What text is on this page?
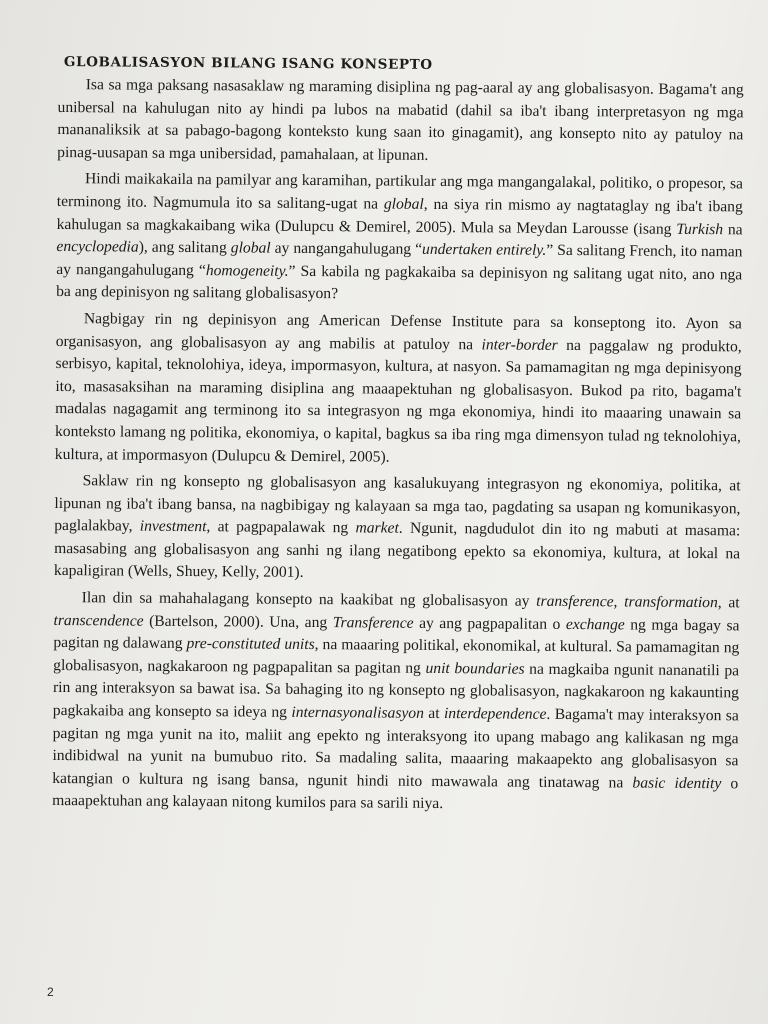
GLOBALISASYON BILANG ISANG KONSEPTO

Isa sa mga paksang nasasaklaw ng maraming disiplina ng pag-aaral ay ang globalisasyon. Bagama't ang unibersal na kahulugan nito ay hindi pa lubos na mabatid (dahil sa iba't ibang interpretasyon ng mga mananaliksik at sa pabago-bagong konteksto kung saan ito ginagamit), ang konsepto nito ay patuloy na pinag-uusapan sa mga unibersidad, pamahalaan, at lipunan.

Hindi maikakaila na pamilyar ang karamihan, partikular ang mga mangangalakal, politiko, o propesor, sa terminong ito. Nagmumula ito sa salitang-ugat na global, na siya rin mismo ay nagtataglay ng iba't ibang kahulugan sa magkakaibang wika (Dulupcu & Demirel, 2005). Mula sa Meydan Larousse (isang Turkish na encyclopedia), ang salitang global ay nangangahulugang “undertaken entirely.” Sa salitang French, ito naman ay nangangahulugang “homogeneity.” Sa kabila ng pagkakaiba sa depinisyon ng salitang ugat nito, ano nga ba ang depinisyon ng salitang globalisasyon?

Nagbigay rin ng depinisyon ang American Defense Institute para sa konseptong ito. Ayon sa organisasyon, ang globalisasyon ay ang mabilis at patuloy na inter-border na paggalaw ng produkto, serbisyo, kapital, teknolohiya, ideya, impormasyon, kultura, at nasyon. Sa pamamagitan ng mga depinisyong ito, masasaksihan na maraming disiplina ang maaapektuhan ng globalisasyon. Bukod pa rito, bagama't madalas nagagamit ang terminong ito sa integrasyon ng mga ekonomiya, hindi ito maaaring unawain sa konteksto lamang ng politika, ekonomiya, o kapital, bagkus sa iba ring mga dimensyon tulad ng teknolohiya, kultura, at impormasyon (Dulupcu & Demirel, 2005).

Saklaw rin ng konsepto ng globalisasyon ang kasalukuyang integrasyon ng ekonomiya, politika, at lipunan ng iba't ibang bansa, na nagbibigay ng kalayaan sa mga tao, pagdating sa usapan ng komunikasyon, paglalakbay, investment, at pagpapalawak ng market. Ngunit, nagdudulot din ito ng mabuti at masama: masasabing ang globalisasyon ang sanhi ng ilang negatibong epekto sa ekonomiya, kultura, at lokal na kapaligiran (Wells, Shuey, Kelly, 2001).

Ilan din sa mahahalagang konsepto na kaakibat ng globalisasyon ay transference, transformation, at transcendence (Bartelson, 2000). Una, ang Transference ay ang pagpapalitan o exchange ng mga bagay sa pagitan ng dalawang pre-constituted units, na maaaring politikal, ekonomikal, at kultural. Sa pamamagitan ng globalisasyon, nagkakaroon ng pagpapalitan sa pagitan ng unit boundaries na magkaiba ngunit nananatili pa rin ang interaksyon sa bawat isa. Sa bahaging ito ng konsepto ng globalisasyon, nagkakaroon ng kakaunting pagkakaiba ang konsepto sa ideya ng internasyonalisasyon at interdependence. Bagama't may interaksyon sa pagitan ng mga yunit na ito, maliit ang epekto ng interaksyong ito upang mabago ang kalikasan ng mga indibidwal na yunit na bumubuo rito. Sa madaling salita, maaaring makaapekto ang globalisasyon sa katangian o kultura ng isang bansa, ngunit hindi nito mawawala ang tinatawag na basic identity o maaapektuhan ang kalayaan nitong kumilos para sa sarili niya.

2
